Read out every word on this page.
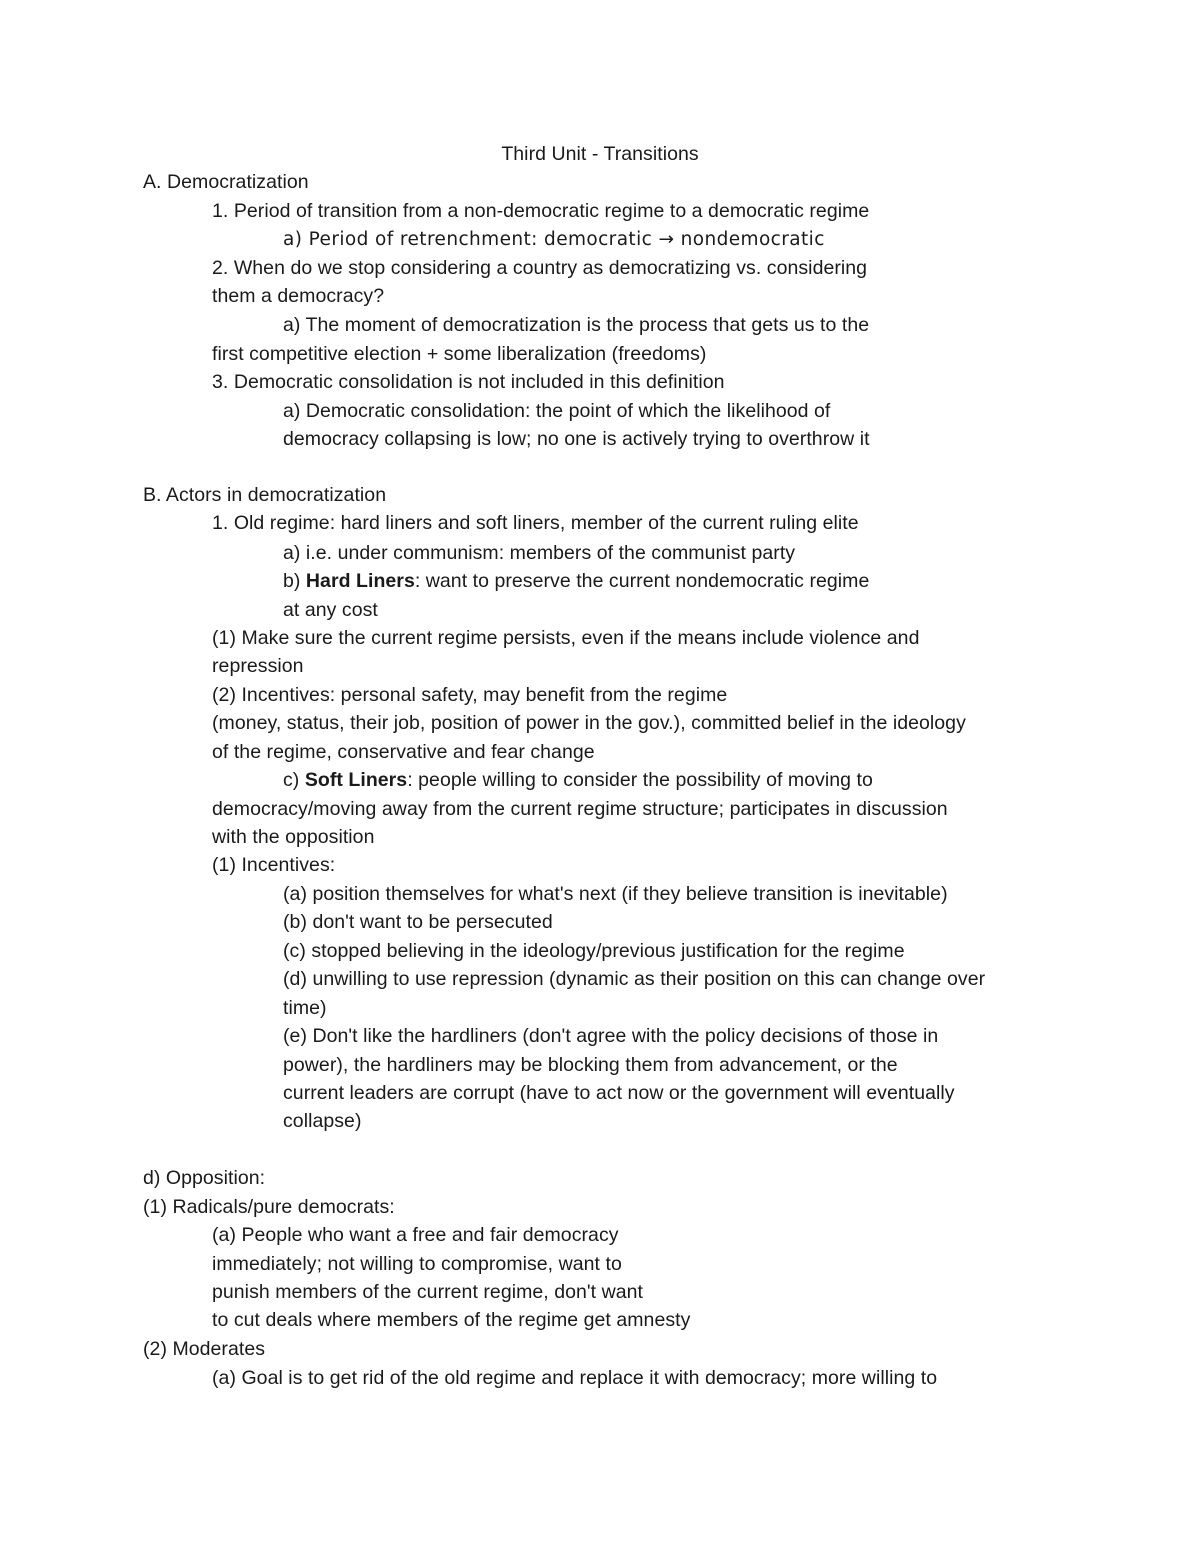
Third Unit - Transitions
A. Democratization
1. Period of transition from a non-democratic regime to a democratic regime
a) Period of retrenchment: democratic → nondemocratic
2. When do we stop considering a country as democratizing vs. considering
them a democracy?
a) The moment of democratization is the process that gets us to the
first competitive election + some liberalization (freedoms)
3. Democratic consolidation is not included in this definition
a) Democratic consolidation: the point of which the likelihood of
democracy collapsing is low; no one is actively trying to overthrow it
B. Actors in democratization
1. Old regime: hard liners and soft liners, member of the current ruling elite
a) i.e. under communism: members of the communist party
b) Hard Liners: want to preserve the current nondemocratic regime
at any cost
(1) Make sure the current regime persists, even if the means include violence and
repression
(2) Incentives: personal safety, may benefit from the regime
(money, status, their job, position of power in the gov.), committed belief in the ideology
of the regime, conservative and fear change
c) Soft Liners: people willing to consider the possibility of moving to
democracy/moving away from the current regime structure; participates in discussion
with the opposition
(1) Incentives:
(a) position themselves for what's next (if they believe transition is inevitable)
(b) don't want to be persecuted
(c) stopped believing in the ideology/previous justification for the regime
(d) unwilling to use repression (dynamic as their position on this can change over
time)
(e) Don't like the hardliners (don't agree with the policy decisions of those in
power), the hardliners may be blocking them from advancement, or the
current leaders are corrupt (have to act now or the government will eventually
collapse)
d) Opposition:
(1) Radicals/pure democrats:
(a) People who want a free and fair democracy
immediately; not willing to compromise, want to
punish members of the current regime, don't want
to cut deals where members of the regime get amnesty
(2) Moderates
(a) Goal is to get rid of the old regime and replace it with democracy; more willing to
